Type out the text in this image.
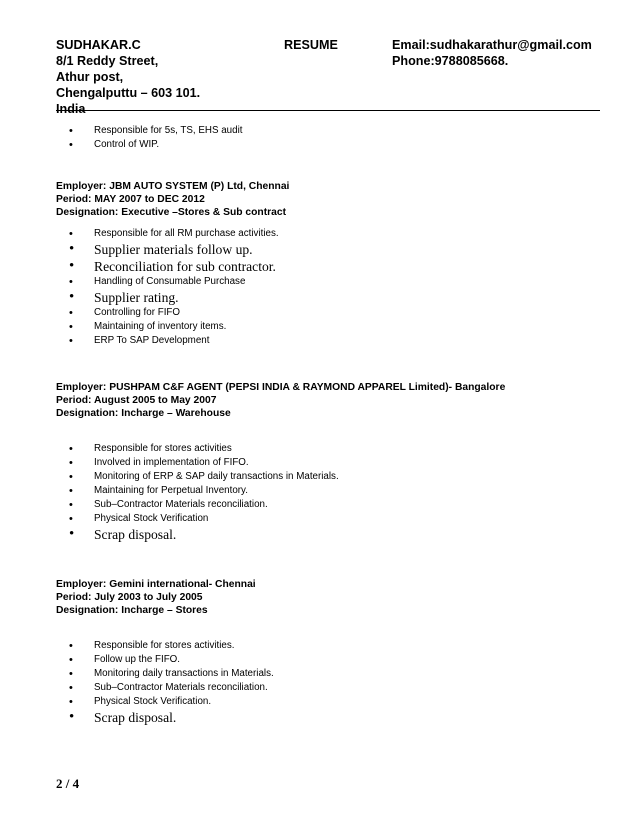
SUDHAKAR.C	RESUME	Email:sudhakarathur@gmail.com
8/1 Reddy Street,	Phone:9788085668.
Athur post,
Chengalputtu – 603 101.
India
• Responsible for 5s, TS, EHS audit
• Control of WIP.
Employer: JBM AUTO SYSTEM (P) Ltd, Chennai
Period: MAY 2007 to DEC 2012
Designation: Executive –Stores & Sub contract
• Responsible for all RM purchase activities.
• Supplier materials follow up.
• Reconciliation for sub contractor.
• Handling of Consumable Purchase
• Supplier rating.
• Controlling for FIFO
• Maintaining of inventory items.
• ERP To SAP Development
Employer: PUSHPAM C&F AGENT (PEPSI INDIA & RAYMOND APPAREL Limited)- Bangalore
Period: August 2005 to May 2007
Designation: Incharge – Warehouse
• Responsible for stores activities
• Involved in implementation of FIFO.
• Monitoring of ERP & SAP daily transactions in Materials.
• Maintaining for Perpetual Inventory.
• Sub–Contractor Materials reconciliation.
• Physical Stock Verification
• Scrap disposal.
Employer: Gemini international- Chennai
Period: July 2003 to July 2005
Designation: Incharge – Stores
• Responsible for stores activities.
• Follow up the FIFO.
• Monitoring daily transactions in Materials.
• Sub–Contractor Materials reconciliation.
• Physical Stock Verification.
• Scrap disposal.
2 / 4
